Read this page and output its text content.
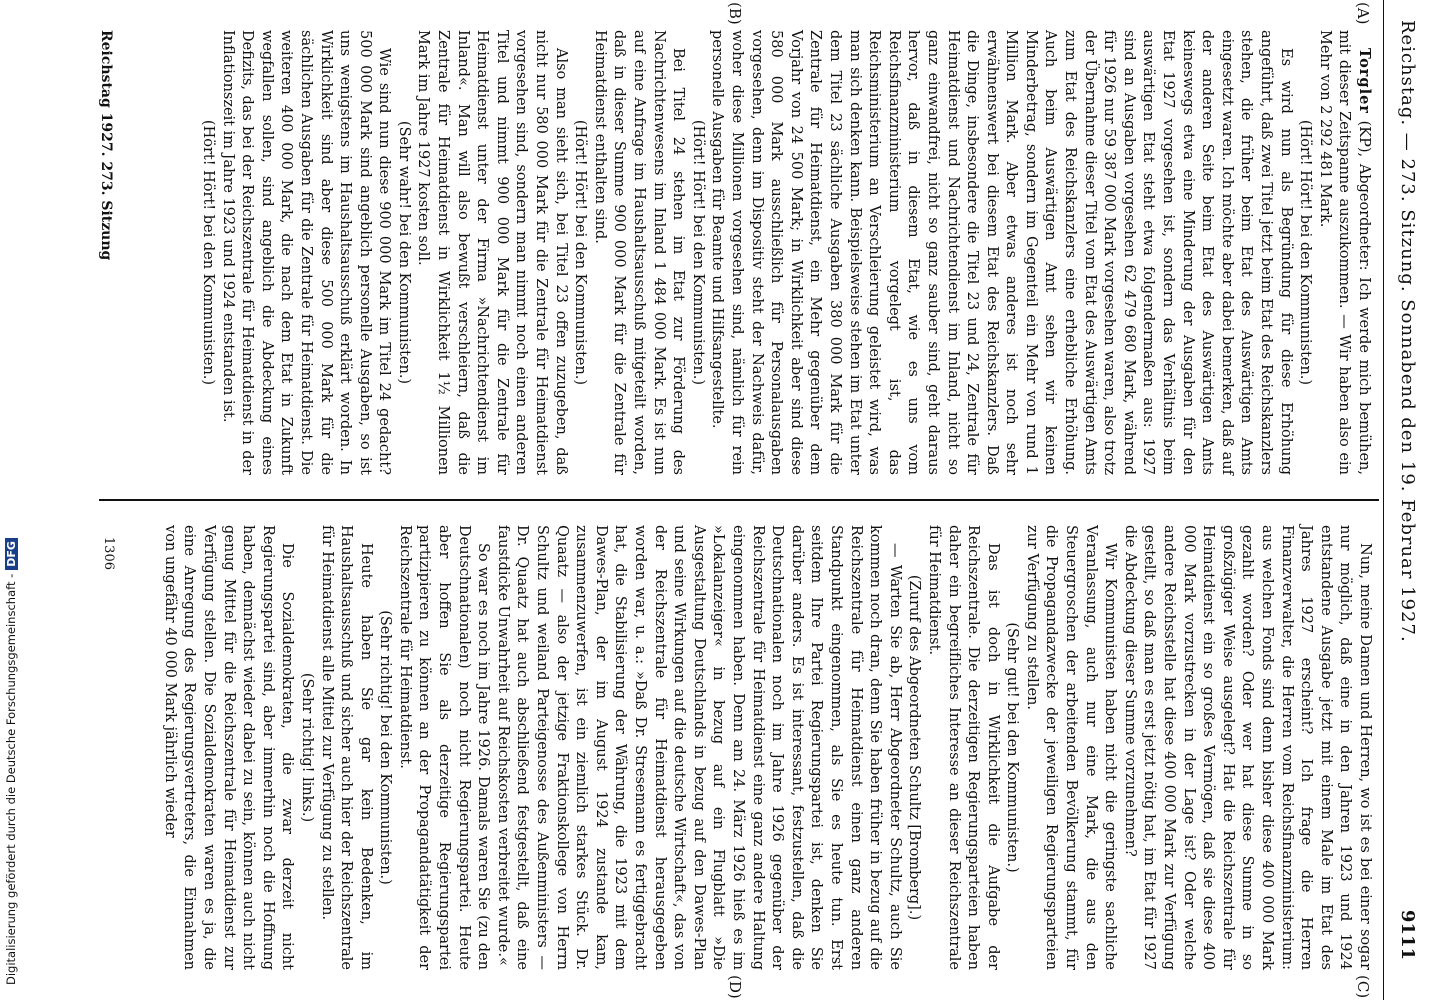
Reichstag. — 273. Sitzung. Sonnabend den 19. Februar 1927.
9111
(A)
(B)
(C)
(D)

Torgler (KP), Abgeordneter: Ich werde mich bemühen, mit dieser Zeitspanne auszukommen. — Wir haben also ein Mehr von 2 292 481 Mark.

(Hört! Hört! bei den Kommunisten.)

Es wird nun als Begründung für diese Erhöhung angeführt, daß zwei Titel jetzt beim Etat des Reichskanzlers stehen, die früher beim Etat des Auswärtigen Amts eingesetzt waren. Ich möchte aber dabei bemerken, daß auf der anderen Seite beim Etat des Auswärtigen Amts keineswegs etwa eine Minderung der Ausgaben für den Etat 1927 vorgesehen ist, sondern das Verhältnis beim auswärtigen Etat steht etwa folgendermaßen aus: 1927 sind an Ausgaben vorgesehen 62 479 680 Mark, während für 1926 nur 59 387 000 Mark vorgesehen waren, also trotz der Übernahme dieser Titel vom Etat des Auswärtigen Amts zum Etat des Reichskanzlers eine erhebliche Erhöhung. Auch beim Auswärtigen Amt sehen wir keinen Minderbetrag, sondern im Gegenteil ein Mehr von rund 1 Million Mark. Aber etwas anderes ist noch sehr erwähnenswert bei diesem Etat des Reichskanzlers. Daß die Dinge, insbesondere die Titel 23 und 24, Zentrale für Heimatdienst und Nachrichtendienst im Inland, nicht so ganz einwandfrei, nicht so ganz sauber sind, geht daraus hervor, daß in diesem Etat, wie es uns vom Reichsfinanzministerium vorgelegt ist, das Reichsministerium an Verschleierung geleistet wird, was man sich denken kann. Beispielsweise stehen im Etat unter dem Titel 23 sächliche Ausgaben 380 000 Mark für die Zentrale für Heimatdienst, ein Mehr gegenüber dem Vorjahr von 24 500 Mark; in Wirklichkeit aber sind diese 580 000 Mark ausschließlich für Personalausgaben vorgesehen, denn im Dispositiv steht der Nachweis dafür, woher diese Millionen vorgesehen sind, nämlich für rein personelle Ausgaben für Beamte und Hilfsangestellte.

(Hört! Hört! bei den Kommunisten.)

Bei Titel 24 stehen im Etat zur Förderung des Nachrichtenwesens im Inland 1 484 000 Mark. Es ist nun auf eine Anfrage im Haushaltsausschuß mitgeteilt worden, daß in dieser Summe 900 000 Mark für die Zentrale für Heimatdienst enthalten sind.

(Hört! Hört! bei den Kommunisten.)

Also man sieht sich, bei Titel 23 offen zuzugeben, daß nicht nur 580 000 Mark für die Zentrale für Heimatdienst vorgesehen sind, sondern man nimmt noch einen anderen Titel und nimmt 900 000 Mark für die Zentrale für Heimatdienst unter der Firma »Nachrichtendienst im Inland«. Man will also bewußt verschleiern, daß die Zentrale für Heimatdienst in Wirklichkeit 1½ Millionen Mark im Jahre 1927 kosten soll.

(Sehr wahr! bei den Kommunisten.)

Wie sind nun diese 900 000 Mark im Titel 24 gedacht? 500 000 Mark sind angeblich personelle Ausgaben, so ist uns wenigstens im Haushaltsausschuß erklärt worden. In Wirklichkeit sind aber diese 500 000 Mark für die sächlichen Ausgaben für die Zentrale für Heimatdienst. Die weiteren 400 000 Mark, die nach dem Etat in Zukunft wegfallen sollen, sind angeblich die Abdeckung eines Defizits, das bei der Reichszentrale für Heimatdienst in der Inflationszeit im Jahre 1923 und 1924 entstanden ist.

(Hört! Hört! bei den Kommunisten.)

Nun, meine Damen und Herren, wo ist es bei einer sogar nur möglich, daß eine in den Jahren 1923 und 1924 entstandene Ausgabe jetzt mit einem Male im Etat des Jahres 1927 erscheint? Ich frage die Herren Finanzverwalter, die Herren vom Reichsfinanzministerium: aus welchen Fonds sind denn bisher diese 400 000 Mark gezahlt worden? Oder wer hat diese Summe in so großzügiger Weise ausgelegt? Hat die Reichszentrale für Heimatdienst ein so großes Vermögen, daß sie diese 400 000 Mark vorzustrecken in der Lage ist? Oder welche andere Reichsstelle hat diese 400 000 Mark zur Verfügung gestellt, so daß man es erst jetzt nötig hat, im Etat für 1927 die Abdeckung dieser Summe vorzunehmen?

Wir Kommunisten haben nicht die geringste sachliche Veranlassung, auch nur eine Mark, die aus den Steuergroschen der arbeitenden Bevölkerung stammt, für die Propagandazwecke der jeweiligen Regierungsparteien zur Verfügung zu stellen.

(Sehr gut! bei den Kommunisten.)

Das ist doch in Wirklichkeit die Aufgabe der Reichszentrale. Die derzeitigen Regierungsparteien haben daher ein begreifliches Interesse an dieser Reichszentrale für Heimatdienst.

(Zuruf des Abgeordneten Schultz [Bromberg].)

— Warten Sie ab, Herr Abgeordneter Schultz, auch Sie kommen noch dran, denn Sie haben früher in bezug auf die Reichszentrale für Heimatdienst einen ganz anderen Standpunkt eingenommen, als Sie es heute tun. Erst seitdem Ihre Partei Regierungspartei ist, denken Sie darüber anders. Es ist interessant, festzustellen, daß die Deutschnationalen noch im Jahre 1926 gegenüber der Reichszentrale für Heimatdienst eine ganz andere Haltung eingenommen haben. Denn am 24. März 1926 hieß es im »Lokalanzeiger« in bezug auf ein Flugblatt »Die Ausgestaltung Deutschlands in bezug auf den Dawes-Plan und seine Wirkungen auf die deutsche Wirtschaft«, das von der Reichszentrale für Heimatdienst herausgegeben worden war, u. a.: »Daß Dr. Stresemann es fertiggebracht hat, die Stabilisierung der Währung, die 1923 mit dem Dawes-Plan, der im August 1924 zustande kam, zusammenzuwerfen, ist ein ziemlich starkes Stück. Dr. Quaatz — also der jetzige Fraktionskollege von Herrn Schultz und weiland Parteigenosse des Außenministers — Dr. Quaatz hat auch abschließend festgestellt, daß eine faustdicke Unwahrheit auf Reichskosten verbreitet wurde.«

So war es noch im Jahre 1926. Damals waren Sie (zu den Deutschnationalen) noch nicht Regierungspartei. Heute aber hoffen Sie als derzeitige Regierungspartei partizipieren zu können an der Propagandatätigkeit der Reichszentrale für Heimatdienst.

(Sehr richtig! bei den Kommunisten.)

Heute haben Sie gar kein Bedenken, im Haushaltsausschuß und sicher auch hier der Reichszentrale für Heimatdienst alle Mittel zur Verfügung zu stellen.

(Sehr richtig! links.)

Die Sozialdemokraten, die zwar derzeit nicht Regierungspartei sind, aber immerhin noch die Hoffnung haben, demnächst wieder dabei zu sein, können auch nicht genug Mittel für die Reichszentrale für Heimatdienst zur Verfügung stellen. Die Sozialdemokraten waren es ja, die eine Anregung des Regierungsvertreters, die Einnahmen von ungefähr 40 000 Mark jährlich wieder

Reichstag 1927. 273. Sitzung
1306
Digitalisierung gefördert durch die Deutsche Forschungsgemeinschaft -DFG
